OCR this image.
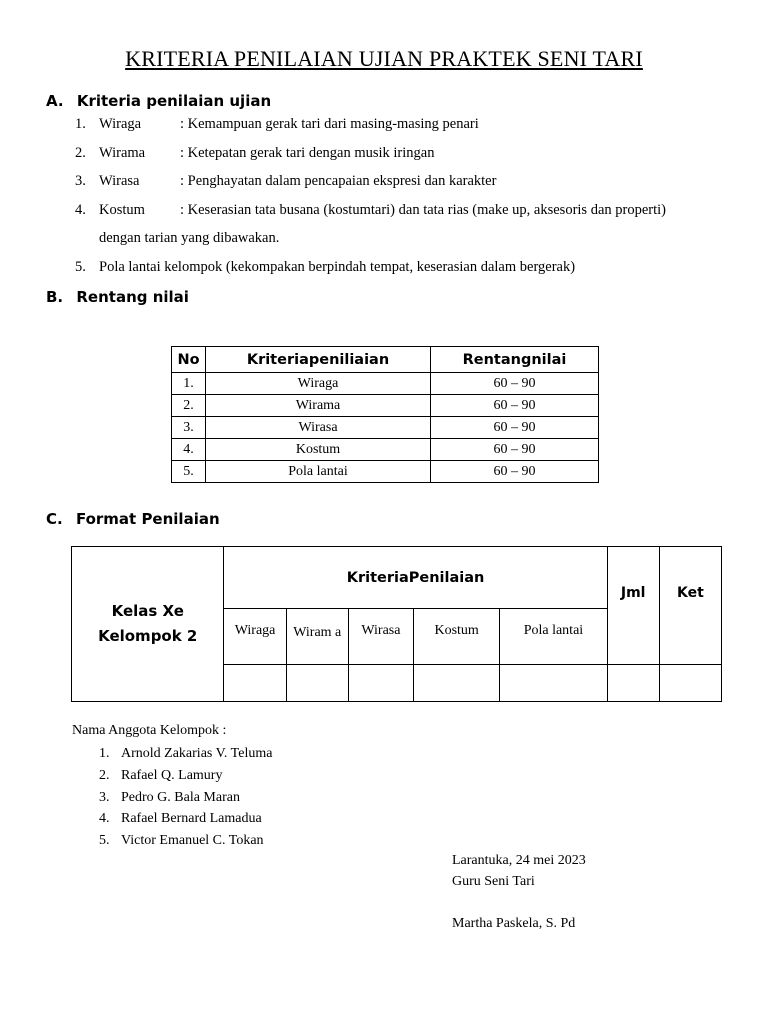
KRITERIA PENILAIAN UJIAN PRAKTEK SENI TARI
A. Kriteria penilaian ujian
1. Wiraga	: Kemampuan gerak tari dari masing-masing penari
2. Wirama : Ketepatan gerak tari dengan musik iringan
3. Wirasa	: Penghayatan dalam pencapaian ekspresi dan karakter
4. Kostum : Keserasian tata busana (kostumtari) dan tata rias (make up, aksesoris dan properti)
dengan tarian yang dibawakan.
5. Pola lantai kelompok (kekompakan berpindah tempat, keserasian dalam bergerak)
B. Rentang nilai
No	Kriteriapeniliaian	Rentangnilai
1.	Wiraga	60 – 90
2.	Wirama	60 – 90
3.	Wirasa	60 – 90
4.	Kostum	60 – 90
5.	Pola lantai	60 – 90
C. Format Penilaian
Kelas Xe
Kelompok 2	KriteriaPenilaian					Jml	Ket
	Wiraga	Wiram a	Wirasa	Kostum	Pola lantai		

Nama Anggota Kelompok :
1. Arnold Zakarias V. Teluma
2. Rafael Q. Lamury
3. Pedro G. Bala Maran
4. Rafael Bernard Lamadua
5. Victor Emanuel C. Tokan
Larantuka, 24 mei 2023
Guru Seni Tari
Martha Paskela, S. Pd
